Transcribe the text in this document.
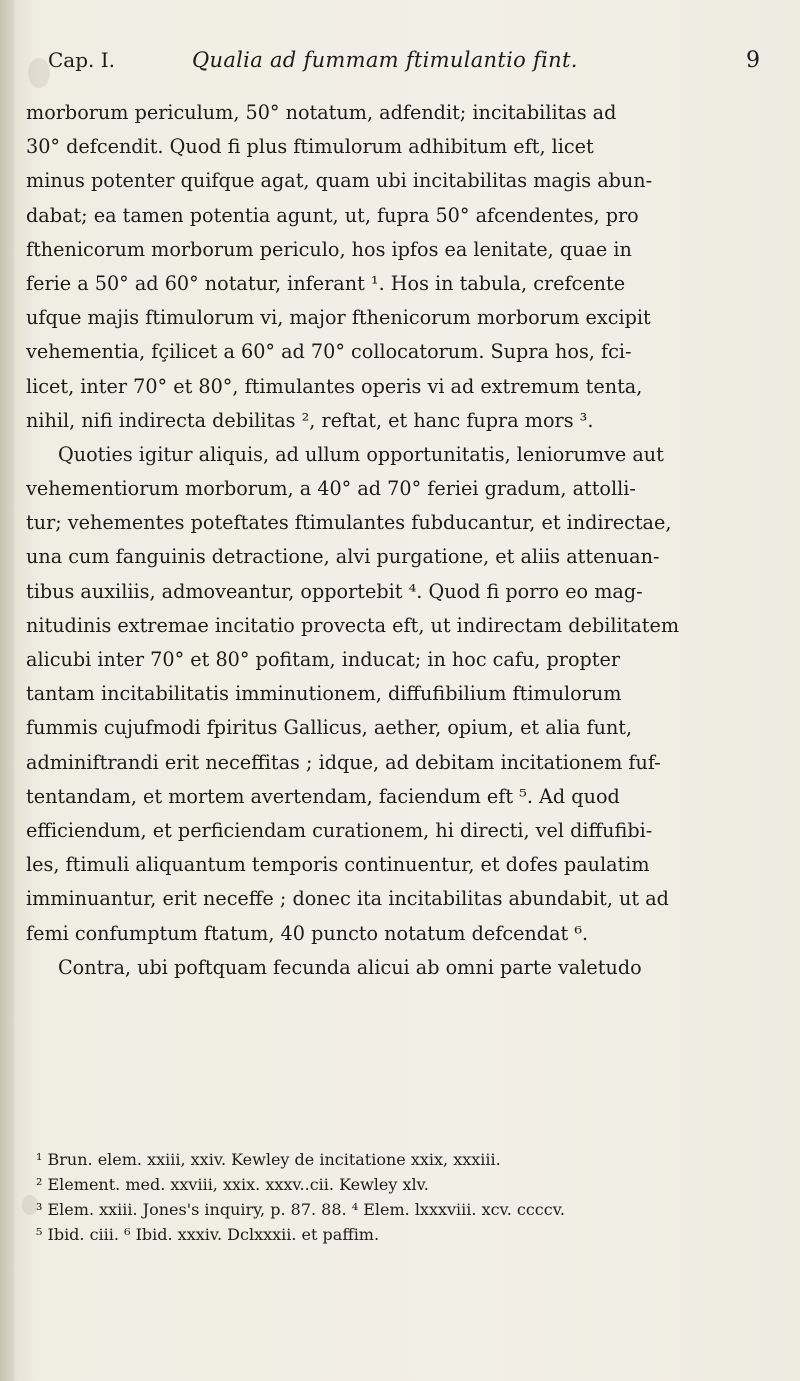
Cap. I.	Qualia ad fummam ftimulantio fint.	9
morborum periculum, 50° notatum, adfendit; incitabilitas ad
30° defcendit. Quod fi plus ftimulorum adhibitum eft, licet
minus potenter quifque agat, quam ubi incitabilitas magis abun-
dabat; ea tamen potentia agunt, ut, fupra 50° afcendentes, pro
fthenicorum morborum periculo, hos ipfos ea lenitate, quae in
ferie a 50° ad 60° notatur, inferant ¹. Hos in tabula, crefcente
ufque majis ftimulorum vi, major fthenicorum morborum excipit
vehementia, fçilicet a 60° ad 70° collocatorum. Supra hos, fci-
licet, inter 70° et 80°, ftimulantes operis vi ad extremum tenta,
nihil, nifi indirecta debilitas ², reftat, et hanc fupra mors ³.
Quoties igitur aliquis, ad ullum opportunitatis, leniorumve aut
vehementiorum morborum, a 40° ad 70° feriei gradum, attolli-
tur; vehementes poteftates ftimulantes fubducantur, et indirectae,
una cum fanguinis detractione, alvi purgatione, et aliis attenuan-
tibus auxiliis, admoveantur, opportebit ⁴. Quod fi porro eo mag-
nitudinis extremae incitatio provecta eft, ut indirectam debilitatem
alicubi inter 70° et 80° pofitam, inducat; in hoc cafu, propter
tantam incitabilitatis imminutionem, diffufibilium ftimulorum
fummis cujufmodi fpiritus Gallicus, aether, opium, et alia funt,
adminiftrandi erit neceffitas ; idque, ad debitam incitationem fuf-
tentandam, et mortem avertendam, faciendum eft ⁵. Ad quod
efficiendum, et perficiendam curationem, hi directi, vel diffufibi-
les, ftimuli aliquantum temporis continuentur, et dofes paulatim
imminuantur, erit neceffe ; donec ita incitabilitas abundabit, ut ad
femi confumptum ftatum, 40 puncto notatum defcendat ⁶.
Contra, ubi poftquam fecunda alicui ab omni parte valetudo
¹ Brun. elem. xxiii, xxiv. Kewley de incitatione xxix, xxxiii.
² Element. med. xxviii, xxix. xxxv..cii. Kewley xlv.
³ Elem. xxiii. Jones's inquiry, p. 87. 88. ⁴ Elem. lxxxviii. xcv. ccccv.
⁵ Ibid. ciii. ⁶ Ibid. xxxiv. Dclxxxii. et paffim.
